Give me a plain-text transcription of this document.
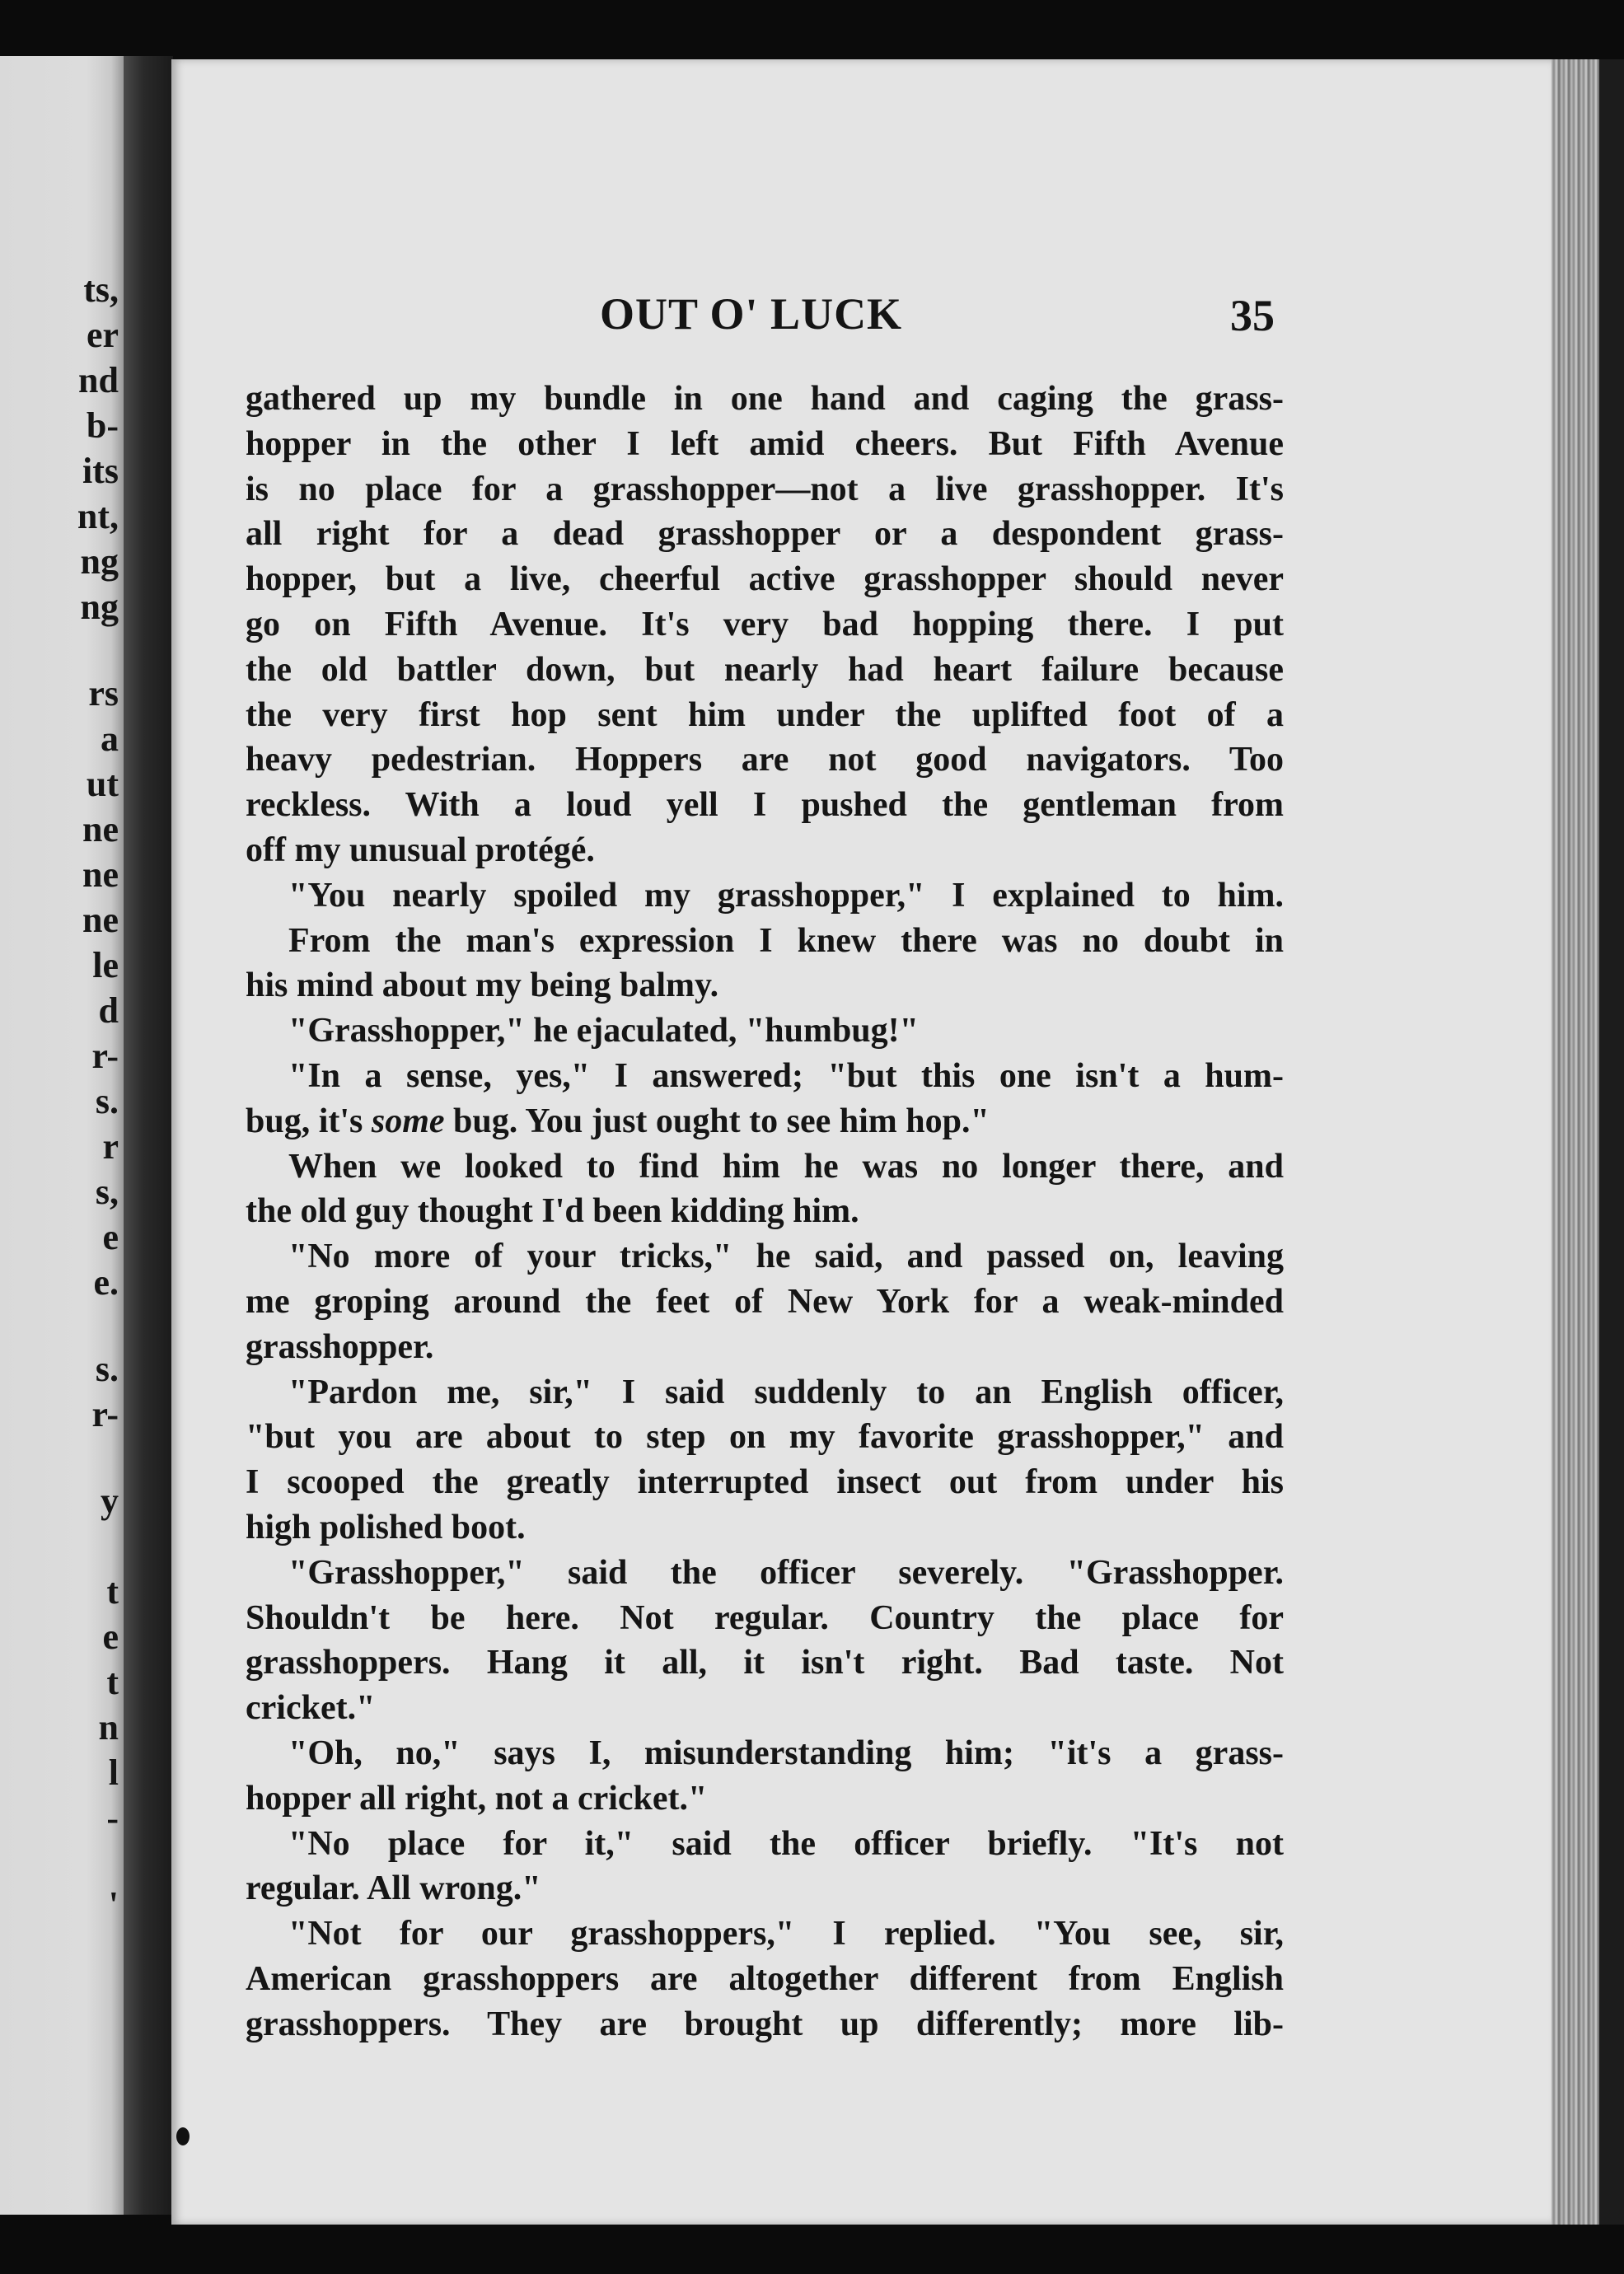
ts,
er
nd
b-
its
nt,
ng
ng
rs
a
ut
ne
ne
ne
le
d
r-
s.
r
s,
e
e.
s.
r-
y
t
e
t
n
l
-
'
OUT O' LUCK	35
gathered up my bundle in one hand and caging the grass-
hopper in the other I left amid cheers. But Fifth Avenue
is no place for a grasshopper—not a live grasshopper. It's
all right for a dead grasshopper or a despondent grass-
hopper, but a live, cheerful active grasshopper should never
go on Fifth Avenue. It's very bad hopping there. I put
the old battler down, but nearly had heart failure because
the very first hop sent him under the uplifted foot of a
heavy pedestrian. Hoppers are not good navigators. Too
reckless. With a loud yell I pushed the gentleman from
off my unusual protégé.
"You nearly spoiled my grasshopper," I explained to him.
From the man's expression I knew there was no doubt in
his mind about my being balmy.
"Grasshopper," he ejaculated, "humbug!"
"In a sense, yes," I answered; "but this one isn't a hum-
bug, it's some bug. You just ought to see him hop."
When we looked to find him he was no longer there, and
the old guy thought I'd been kidding him.
"No more of your tricks," he said, and passed on, leaving
me groping around the feet of New York for a weak-minded
grasshopper.
"Pardon me, sir," I said suddenly to an English officer,
"but you are about to step on my favorite grasshopper," and
I scooped the greatly interrupted insect out from under his
high polished boot.
"Grasshopper," said the officer severely. "Grasshopper.
Shouldn't be here. Not regular. Country the place for
grasshoppers. Hang it all, it isn't right. Bad taste. Not
cricket."
"Oh, no," says I, misunderstanding him; "it's a grass-
hopper all right, not a cricket."
"No place for it," said the officer briefly. "It's not
regular. All wrong."
"Not for our grasshoppers," I replied. "You see, sir,
American grasshoppers are altogether different from English
grasshoppers. They are brought up differently; more lib-
